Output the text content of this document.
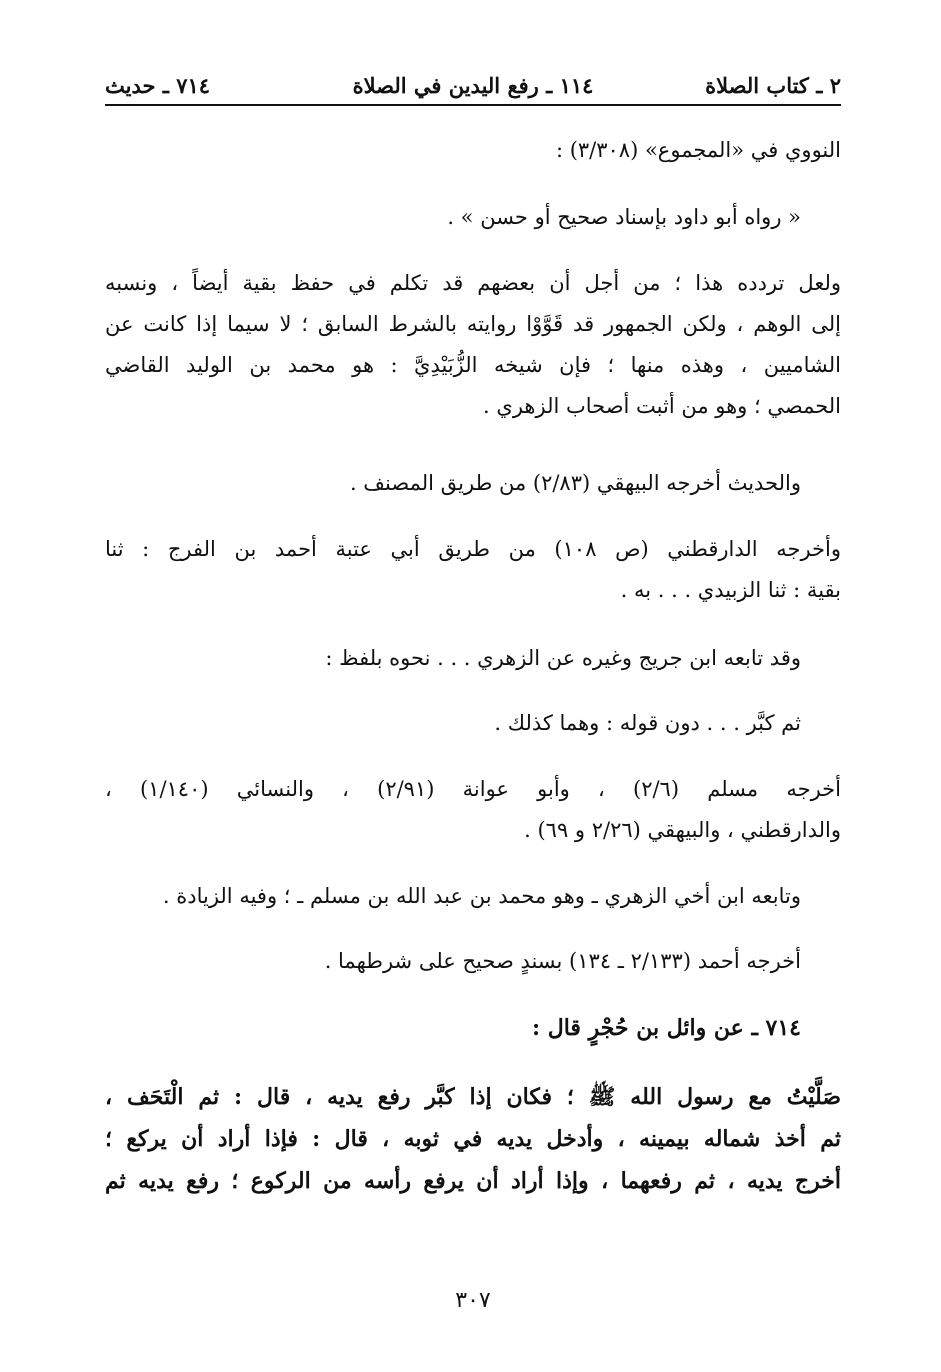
٢ ـ كتاب الصلاة
١١٤ ـ رفع اليدين في الصلاة
٧١٤ ـ حديث
النووي في «المجموع» (٣/٣٠٨) :
« رواه أبو داود بإسناد صحيح أو حسن » .
ولعل تردده هذا ؛ من أجل أن بعضهم قد تكلم في حفظ بقية أيضاً ، ونسبه
إلى الوهم ، ولكن الجمهور قد قَوَّوْا روايته بالشرط السابق ؛ لا سيما إذا كانت عن
الشاميين ، وهذه منها ؛ فإن شيخه الزُّبَيْدِيَّ : هو محمد بن الوليد القاضي
الحمصي ؛ وهو من أثبت أصحاب الزهري .
والحديث أخرجه البيهقي (٢/٨٣) من طريق المصنف .
وأخرجه الدارقطني (ص ١٠٨) من طريق أبي عتبة أحمد بن الفرج : ثنا
بقية : ثنا الزبيدي . . . به .
وقد تابعه ابن جريج وغيره عن الزهري . . . نحوه بلفظ :
ثم كبَّر . . . دون قوله : وهما كذلك .
أخرجه مسلم (٢/٦) ، وأبو عوانة (٢/٩١) ، والنسائي (١/١٤٠) ،
والدارقطني ، والبيهقي (٢/٢٦ و ٦٩) .
وتابعه ابن أخي الزهري ـ وهو محمد بن عبد الله بن مسلم ـ ؛ وفيه الزيادة .
أخرجه أحمد (٢/١٣٣ ـ ١٣٤) بسندٍ صحيح على شرطهما .
٧١٤ ـ عن وائل بن حُجْرٍ قال :
صَلَّيْتُ مع رسول الله ﷺ ؛ فكان إذا كبَّر رفع يديه ، قال : ثم الْتَحَف ،
ثم أخذ شماله بيمينه ، وأدخل يديه في ثوبه ، قال : فإذا أراد أن يركع ؛
أخرج يديه ، ثم رفعهما ، وإذا أراد أن يرفع رأسه من الركوع ؛ رفع يديه ثم
٣٠٧
